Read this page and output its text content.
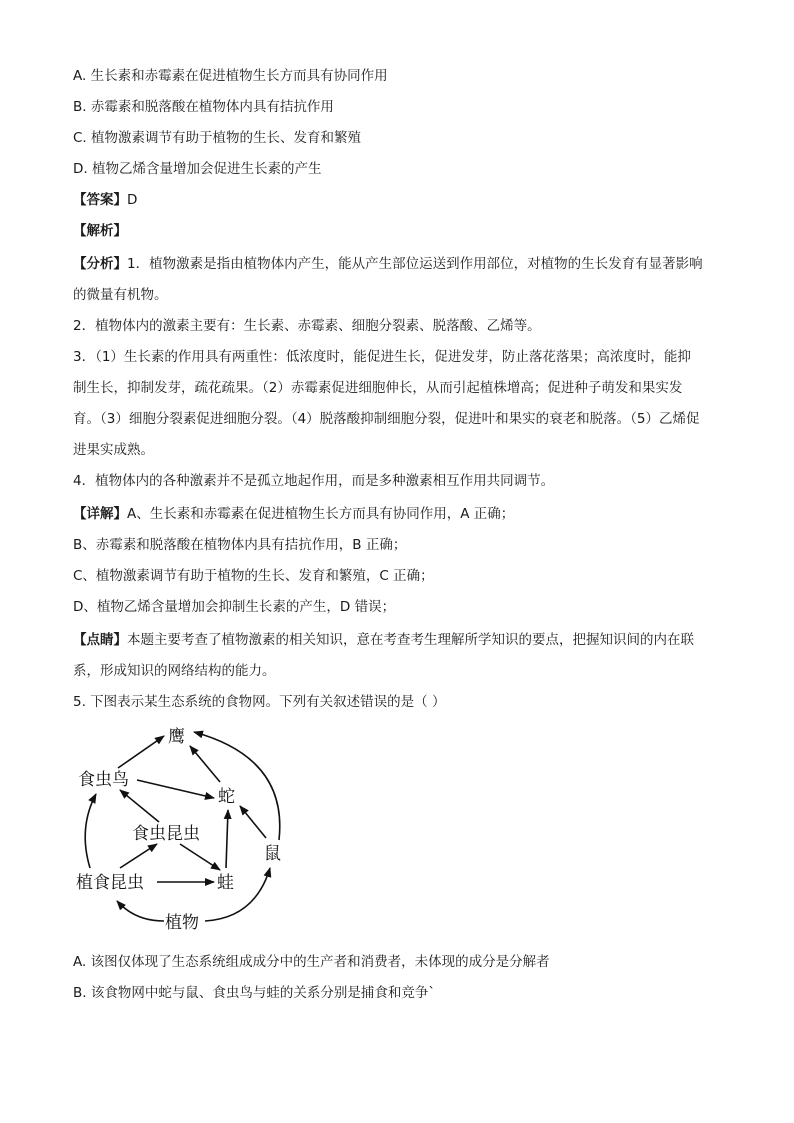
A. 生长素和赤霉素在促进植物生长方而具有协同作用
B. 赤霉素和脱落酸在植物体内具有拮抗作用
C. 植物激素调节有助于植物的生长、发育和繁殖
D. 植物乙烯含量增加会促进生长素的产生
【答案】D
【解析】
【分析】1．植物激素是指由植物体内产生，能从产生部位运送到作用部位，对植物的生长发育有显著影响
的微量有机物。
2．植物体内的激素主要有：生长素、赤霉素、细胞分裂素、脱落酸、乙烯等。
3．（1）生长素的作用具有两重性：低浓度时，能促进生长，促进发芽，防止落花落果；高浓度时，能抑
制生长，抑制发芽，疏花疏果。（2）赤霉素促进细胞伸长，从而引起植株增高；促进种子萌发和果实发
育。（3）细胞分裂素促进细胞分裂。（4）脱落酸抑制细胞分裂，促进叶和果实的衰老和脱落。（5）乙烯促
进果实成熟。
4．植物体内的各种激素并不是孤立地起作用，而是多种激素相互作用共同调节。
【详解】A、生长素和赤霉素在促进植物生长方而具有协同作用，A 正确；
B、赤霉素和脱落酸在植物体内具有拮抗作用，B 正确；
C、植物激素调节有助于植物的生长、发育和繁殖，C 正确；
D、植物乙烯含量增加会抑制生长素的产生，D 错误；
【点睛】本题主要考查了植物激素的相关知识，意在考查考生理解所学知识的要点，把握知识间的内在联
系，形成知识的网络结构的能力。
5. 下图表示某生态系统的食物网。下列有关叙述错误的是（ ）
鹰
食虫鸟
蛇
食虫昆虫
鼠
植食昆虫	蛙
植物
A. 该图仅体现了生态系统组成成分中的生产者和消费者，未体现的成分是分解者
B. 该食物网中蛇与鼠、食虫鸟与蛙的关系分别是捕食和竞争`
